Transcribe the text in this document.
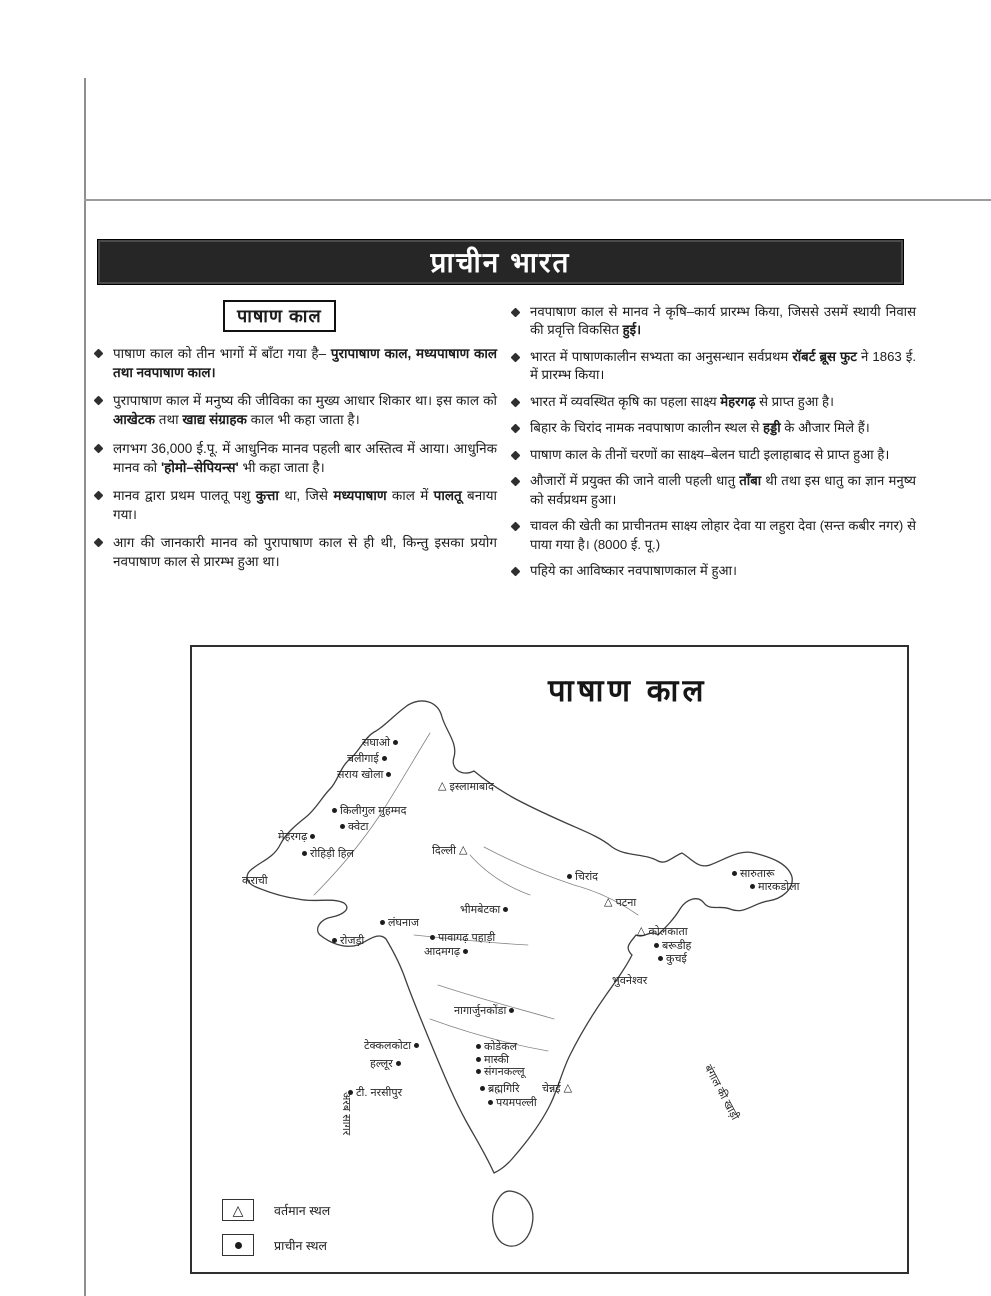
प्राचीन भारत
पाषाण काल

पाषाण काल को तीन भागों में बाँटा गया है– पुरापाषाण काल, मध्यपाषाण काल तथा नवपाषाण काल।

पुरापाषाण काल में मनुष्य की जीविका का मुख्य आधार शिकार था। इस काल को आखेटक तथा खाद्य संग्राहक काल भी कहा जाता है।

लगभग 36,000 ई.पू. में आधुनिक मानव पहली बार अस्तित्व में आया। आधुनिक मानव को 'होमो–सेपियन्स' भी कहा जाता है।

मानव द्वारा प्रथम पालतू पशु कुत्ता था, जिसे मध्यपाषाण काल में पालतू बनाया गया।

आग की जानकारी मानव को पुरापाषाण काल से ही थी, किन्तु इसका प्रयोग नवपाषाण काल से प्रारम्भ हुआ था।

नवपाषाण काल से मानव ने कृषि–कार्य प्रारम्भ किया, जिससे उसमें स्थायी निवास की प्रवृत्ति विकसित हुई।

भारत में पाषाणकालीन सभ्यता का अनुसन्धान सर्वप्रथम रॉबर्ट ब्रूस फुट ने 1863 ई. में प्रारम्भ किया।

भारत में व्यवस्थित कृषि का पहला साक्ष्य मेहरगढ़ से प्राप्त हुआ है।

बिहार के चिरांद नामक नवपाषाण कालीन स्थल से हड्डी के औजार मिले हैं।

पाषाण काल के तीनों चरणों का साक्ष्य–बेलन घाटी इलाहाबाद से प्राप्त हुआ है।

औजारों में प्रयुक्त की जाने वाली पहली धातु ताँबा थी तथा इस धातु का ज्ञान मनुष्य को सर्वप्रथम हुआ।

चावल की खेती का प्राचीनतम साक्ष्य लोहार देवा या लहुरा देवा (सन्त कबीर नगर) से पाया गया है। (8000 ई. पू.)

पहिये का आविष्कार नवपाषाणकाल में हुआ।

पाषाण काल
संघाओ
चलीगाई
सराय खोला
△ इस्लामाबाद
किलीगुल मुहम्मद
क्वेटा
मेहरगढ़
रोहिड़ी हिल	△
दिल्ली
कराची	चिरांद	सारुतारू
मारकडोला
△ पटना
भीमबेटका
△ कोलकाता
लंघनाज
पावागढ़ पहाड़ी
रोजड़ी
आदमगढ़	बरूडीह
कुचई
भुवनेश्वर
नागार्जुनकोंडा
टेक्कलकोटा	कोडेकल
मास्की
संगनकल्लू
हल्लूर
ब्रह्मगिरि	△
चेन्नई
पयमपल्ली
टी. नरसीपुर
अरब सागर	बंगाल की खाड़ी
△ वर्तमान स्थल
प्राचीन स्थल
